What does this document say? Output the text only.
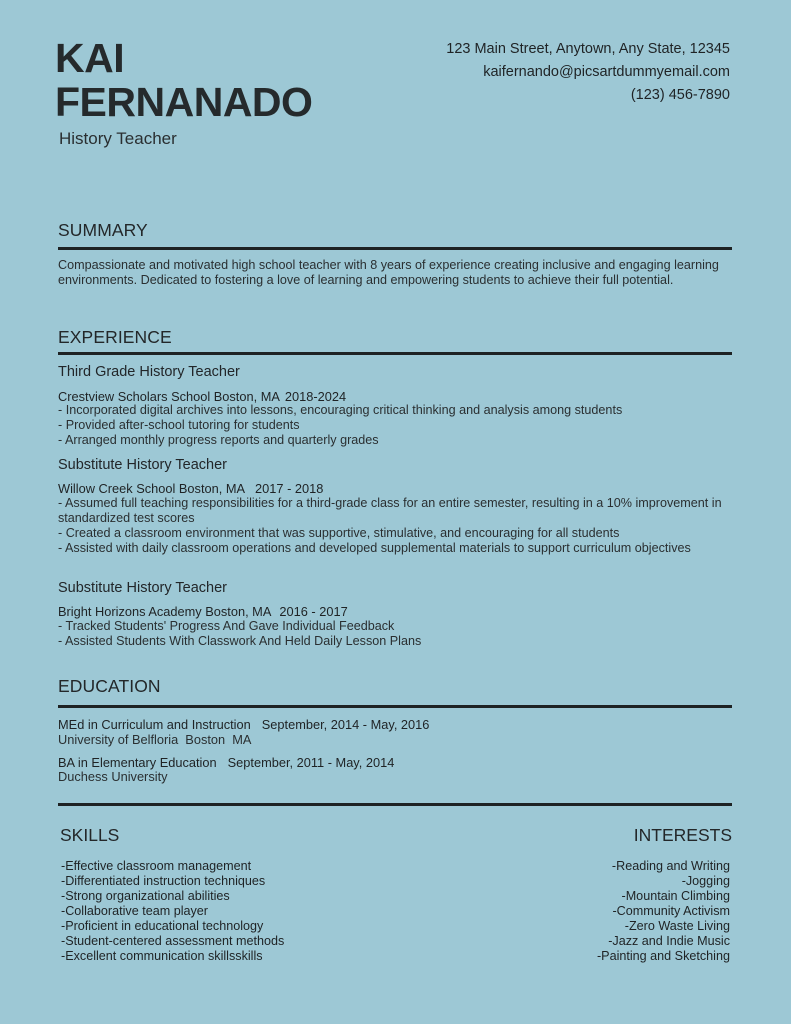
KAI
FERNANADO
History Teacher
123 Main Street, Anytown, Any State, 12345
kaifernando@picsartdummyemail.com
(123) 456-7890
SUMMARY
Compassionate and motivated high school teacher with 8 years of experience creating inclusive and engaging learning environments. Dedicated to fostering a love of learning and empowering students to achieve their full potential.
EXPERIENCE
Third Grade History Teacher
Crestview Scholars School Boston, MA 2018-2024
- Incorporated digital archives into lessons, encouraging critical thinking and analysis among students
- Provided after-school tutoring for students
- Arranged monthly progress reports and quarterly grades
Substitute History Teacher
Willow Creek School Boston, MA 2017 - 2018
- Assumed full teaching responsibilities for a third-grade class for an entire semester, resulting in a 10% improvement in standardized test scores
- Created a classroom environment that was supportive, stimulative, and encouraging for all students
- Assisted with daily classroom operations and developed supplemental materials to support curriculum objectives
Substitute History Teacher
Bright Horizons Academy Boston, MA 2016 - 2017
- Tracked Students' Progress And Gave Individual Feedback
- Assisted Students With Classwork And Held Daily Lesson Plans
EDUCATION
MEd in Curriculum and Instruction September, 2014 - May, 2016
University of Belfloria  Boston  MA
BA in Elementary Education September, 2011 - May, 2014
Duchess University
SKILLS
-Effective classroom management
-Differentiated instruction techniques
-Strong organizational abilities
-Collaborative team player
-Proficient in educational technology
-Student-centered assessment methods
-Excellent communication skillsskills
INTERESTS
-Reading and Writing
-Jogging
-Mountain Climbing
-Community Activism
-Zero Waste Living
-Jazz and Indie Music
-Painting and Sketching
